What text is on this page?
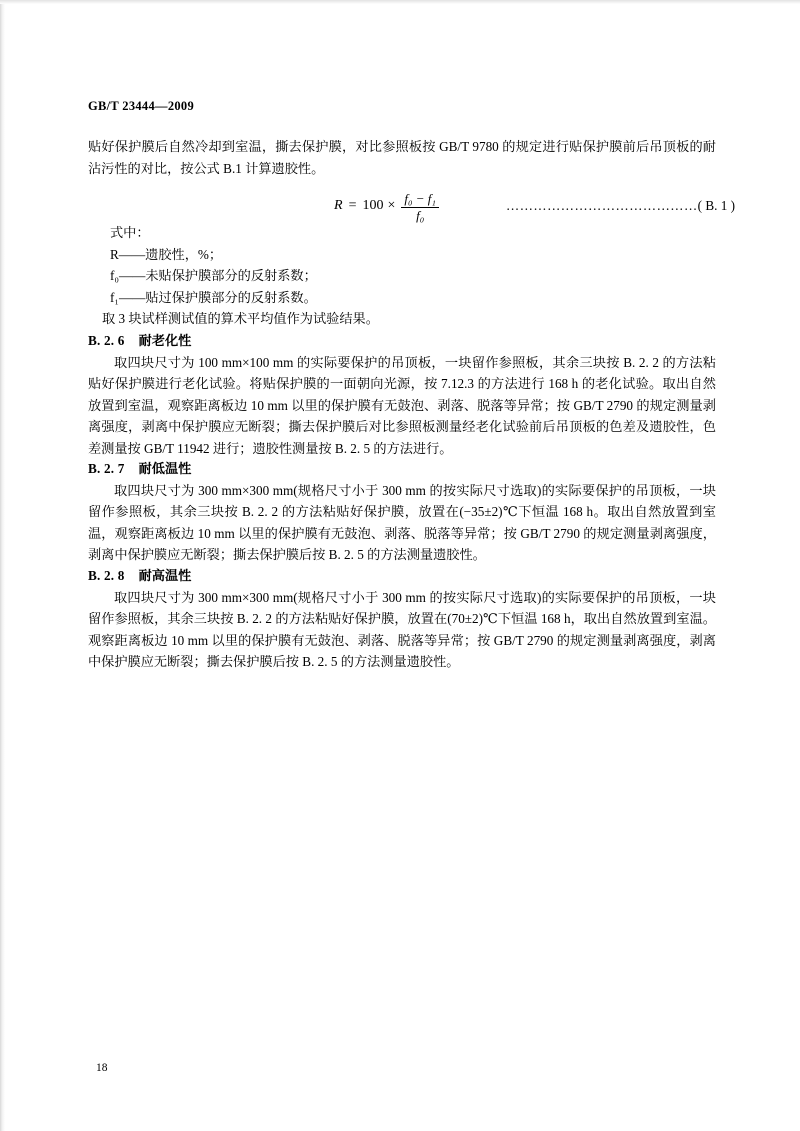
GB/T 23444—2009

贴好保护膜后自然冷却到室温，撕去保护膜，对比参照板按 GB/T 9780 的规定进行贴保护膜前后吊顶板的耐沾污性的对比，按公式 B.1 计算遗胶性。

$R = 100 \times \frac{\text{f₀ − f₁}}{\text{f₀}}$	…………………………………… ( B. 1 )

式中：

R——遗胶性，%；
f₀——未贴保护膜部分的反射系数；
f₁——贴过保护膜部分的反射系数。

取 3 块试样测试值的算术平均值作为试验结果。

B. 2. 6 耐老化性

取四块尺寸为 100 mm×100 mm 的实际要保护的吊顶板，一块留作参照板，其余三块按 B. 2. 2 的方法粘贴好保护膜进行老化试验。将贴保护膜的一面朝向光源，按 7.12.3 的方法进行 168 h 的老化试验。取出自然放置到室温，观察距离板边 10 mm 以里的保护膜有无鼓泡、剥落、脱落等异常；按 GB/T 2790 的规定测量剥离强度，剥离中保护膜应无断裂；撕去保护膜后对比参照板测量经老化试验前后吊顶板的色差及遗胶性，色差测量按 GB/T 11942 进行；遗胶性测量按 B. 2. 5 的方法进行。

B. 2. 7 耐低温性

取四块尺寸为 300 mm×300 mm(规格尺寸小于 300 mm 的按实际尺寸选取)的实际要保护的吊顶板，一块留作参照板，其余三块按 B. 2. 2 的方法粘贴好保护膜，放置在(−35±2)℃下恒温 168 h。取出自然放置到室温，观察距离板边 10 mm 以里的保护膜有无鼓泡、剥落、脱落等异常；按 GB/T 2790 的规定测量剥离强度，剥离中保护膜应无断裂；撕去保护膜后按 B. 2. 5 的方法测量遗胶性。

B. 2. 8 耐高温性

取四块尺寸为 300 mm×300 mm(规格尺寸小于 300 mm 的按实际尺寸选取)的实际要保护的吊顶板，一块留作参照板，其余三块按 B. 2. 2 的方法粘贴好保护膜，放置在(70±2)℃下恒温 168 h，取出自然放置到室温。观察距离板边 10 mm 以里的保护膜有无鼓泡、剥落、脱落等异常；按 GB/T 2790 的规定测量剥离强度，剥离中保护膜应无断裂；撕去保护膜后按 B. 2. 5 的方法测量遗胶性。

18
